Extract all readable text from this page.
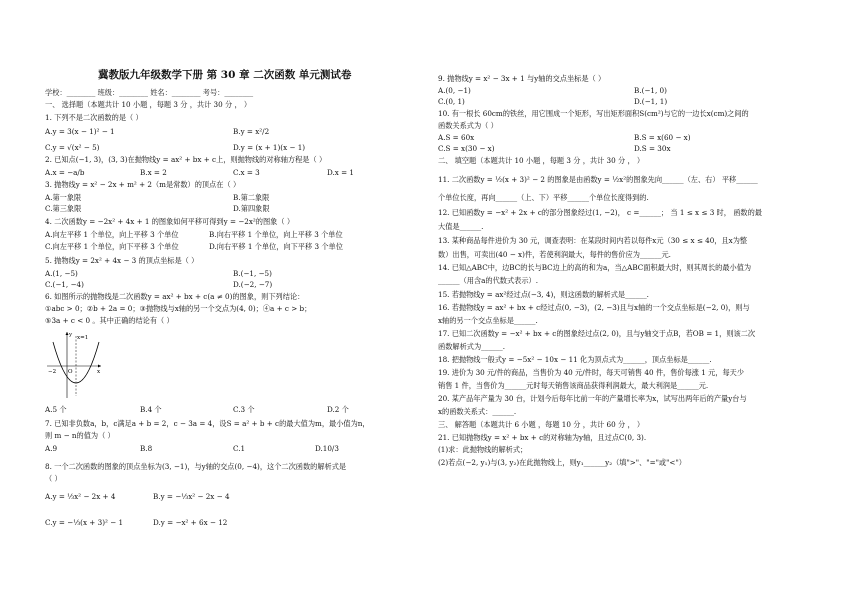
冀教版九年级数学下册 第 30 章 二次函数 单元测试卷
学校：________ 班级：________ 姓名：________ 考号：________
一、 选择题（本题共计 10 小题 ，每题 3 分 ，共计 30 分 ， ）
1. 下列不是二次函数的是（ ）
A.y = 3(x − 1)² − 1	B.y = x²/2
C.y = √(x² − 5)	D.y = (x + 1)(x − 1)
2. 已知点(−1, 3)，(3, 3)在抛物线y = ax² + bx + c上，则抛物线的对称轴方程是（ ）
A.x = −a/b	B.x = 2	C.x = 3	D.x = 1
3. 抛物线y = x² − 2x + m² + 2（m是常数）的顶点在（ ）
A.第一象限	B.第二象限
C.第三象限	D.第四象限
4. 二次函数y = −2x² + 4x + 1 的图象如何平移可得到y = −2x²的图象（ ）
A.向左平移 1 个单位，向上平移 3 个单位	B.向右平移 1 个单位，向上平移 3 个单位
C.向左平移 1 个单位，向下平移 3 个单位	D.向右平移 1 个单位，向下平移 3 个单位
5. 抛物线y = 2x² + 4x − 3 的顶点坐标是（ ）
A.(1, −5)	B.(−1, −5)
C.(−1, −4)	D.(−2, −7)
6. 如图所示的抛物线是二次函数y = ax² + bx + c(a ≠ 0)的图象，则下列结论：
①abc > 0；②b + 2a = 0；③抛物线与x轴的另一个交点为(4, 0)；④a + c > b；
⑤3a + c < 0 。其中正确的结论有（ ）
x=1
−2 O	x
y
A.5 个	B.4 个	C.3 个	D.2 个
7. 已知非负数a，b，c满足a + b = 2，c − 3a = 4，设S = a² + b + c的最大值为m，最小值为n，
则 m − n的值为（ ）
A.9	B.8	C.1	D.10/3
8. 一个二次函数的图象的顶点坐标为(3, −1)，与y轴的交点(0, −4)，这个二次函数的解析式是
（ ）
A.y = ⅓x² − 2x + 4	B.y = −⅓x² − 2x − 4
C.y = −⅓(x + 3)² − 1	D.y = −x² + 6x − 12
9. 抛物线y = x² − 3x + 1 与y轴的交点坐标是（ ）
A.(0, −1)	B.(−1, 0)
C.(0, 1)	D.(−1, 1)
10. 有一根长 60cm的铁丝，用它围成一个矩形，写出矩形面积S(cm²)与它的一边长x(cm)之间的
函数关系式为（ ）
A.S = 60x	B.S = x(60 − x)
C.S = x(30 − x)	D.S = 30x
二、 填空题（本题共计 10 小题 ，每题 3 分 ，共计 30 分 ， ）
11. 二次函数y = ½(x + 3)² − 2 的图象是由函数y = ½x²的图象先向______（左、右） 平移______
个单位长度，再向______（上、下）平移______个单位长度得到的.
12. 已知函数y = −x² + 2x + c的部分图象经过(1, −2)， c =______； 当 1 ≤ x ≤ 3 时， 函数的最
大值是______.
13. 某种商品每件进价为 30 元，调查表明：在某段时间内若以每件x元（30 ≤ x ≤ 40，且x为整
数）出售，可卖出(40 − x)件，若使利润最大，每件的售价应为______元.
14. 已知△ABC中，边BC的长与BC边上的高的和为a，当△ABC面积最大时，则其周长的最小值为
______（用含a的代数式表示）.
15. 若抛物线y = ax²经过点(−3, 4)，则这函数的解析式是______.
16. 若抛物线y = ax² + bx + c经过点(0, −3)，(2, −3)且与x轴的一个交点坐标是(−2, 0)，则与
x轴的另一个交点坐标是______.
17. 已知二次函数y = −x² + bx + c的图象经过点(2, 0)，且与y轴交于点B，若OB = 1，则该二次
函数解析式为______.
18. 把抛物线一般式y = −5x² − 10x − 11 化为顶点式为______，顶点坐标是______.
19. 进价为 30 元/件的商品，当售价为 40 元/件时，每天可销售 40 件，售价每涨 1 元，每天少
销售 1 件，当售价为______元时每天销售该商品获得利润最大，最大利润是______元.
20. 某产品年产量为 30 台，计划今后每年比前一年的产量增长率为x，试写出两年后的产量y台与
x的函数关系式：______.
三、 解答题（本题共计 6 小题 ，每题 10 分 ，共计 60 分 ， ）
21. 已知抛物线y = x² + bx + c的对称轴为y轴，且过点C(0, 3).
(1)求：此抛物线的解析式；
(2)若点(−2, y₁)与(3, y₂)在此抛物线上，则y₁______y₂（填">"、"="或"<"）
